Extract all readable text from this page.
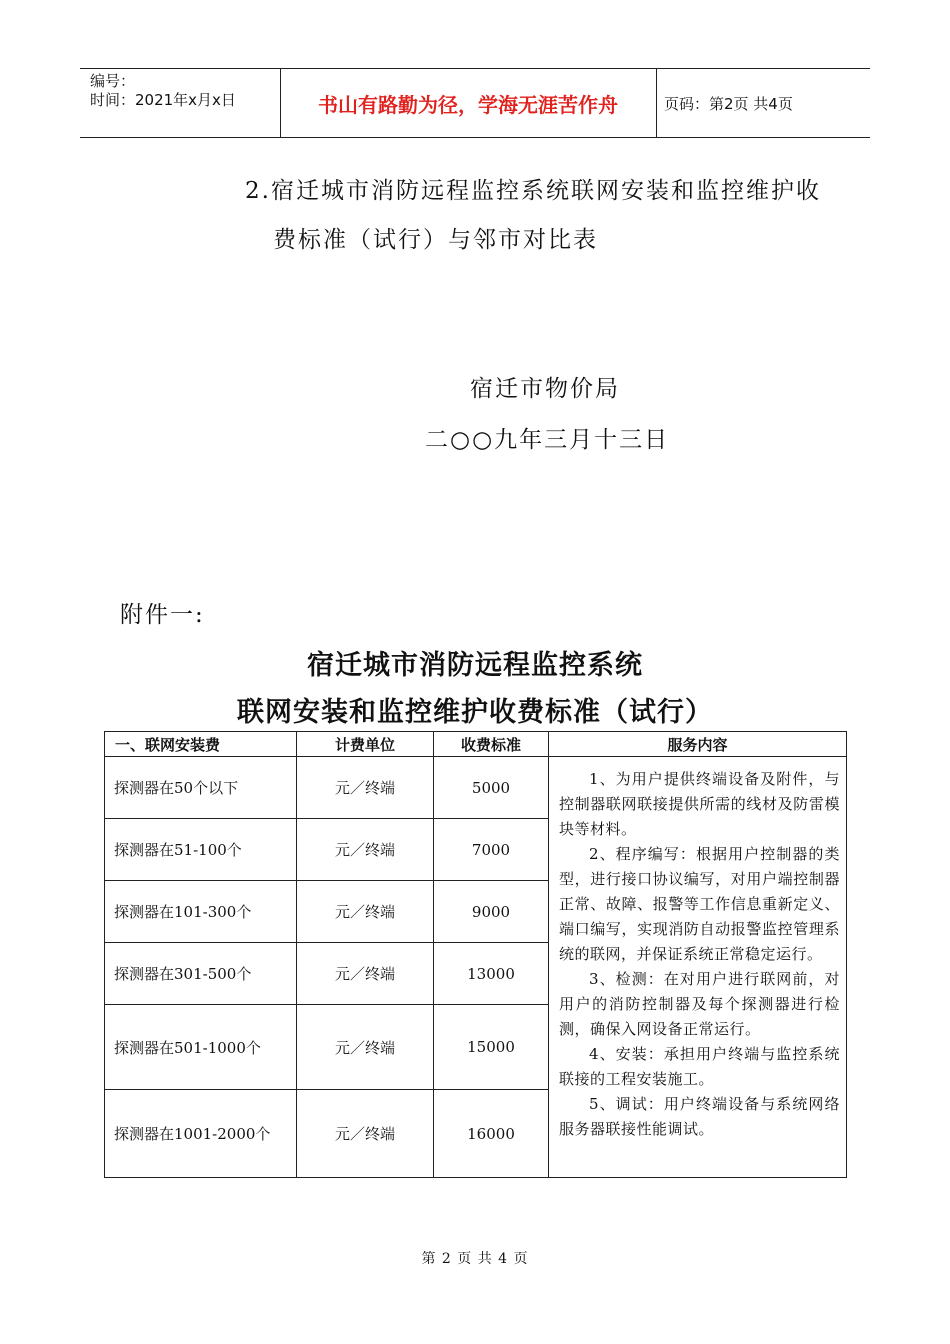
编号：
时间：2021年x月x日	书山有路勤为径，学海无涯苦作舟	页码：第2页 共4页
2.宿迁城市消防远程监控系统联网安装和监控维护收
费标准（试行）与邻市对比表
宿迁市物价局
二○○九年三月十三日
附件一:
宿迁城市消防远程监控系统
联网安装和监控维护收费标准（试行）
一、联网安装费	计费单位	收费标准	服务内容
探测器在50个以下	元／终端	5000	1、为用户提供终端设备及附件，与控制器联网联接提供所需的线材及防雷模块等材料。
2、程序编写：根据用户控制器的类型，进行接口协议编写，对用户端控制器正常、故障、报警等工作信息重新定义、端口编写，实现消防自动报警监控管理系统的联网，并保证系统正常稳定运行。
3、检测：在对用户进行联网前，对用户的消防控制器及每个探测器进行检测，确保入网设备正常运行。
4、安装：承担用户终端与监控系统联接的工程安装施工。
5、调试：用户终端设备与系统网络服务器联接性能调试。

探测器在51-100个	元／终端	7000	
探测器在101-300个	元／终端	9000	
探测器在301-500个	元／终端	13000	
探测器在501-1000个	元／终端	15000	
探测器在1001-2000个	元／终端	16000	
第 2 页 共 4 页
